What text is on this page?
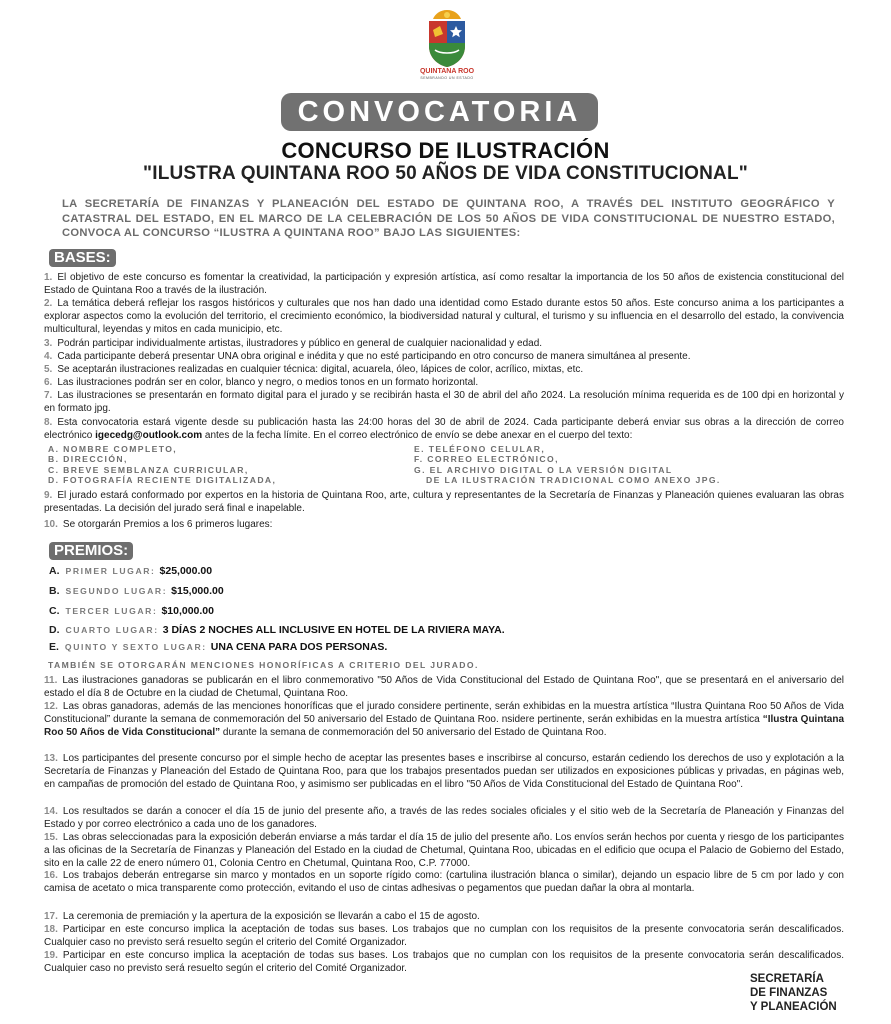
QUINTANA ROO
SEMBRANDO UN ESTADO
CONVOCATORIA
CONCURSO DE ILUSTRACIÓN
"ILUSTRA QUINTANA ROO 50 AÑOS DE VIDA CONSTITUCIONAL"
LA SECRETARÍA DE FINANZAS Y PLANEACIÓN DEL ESTADO DE QUINTANA ROO, A TRAVÉS DEL INSTITUTO GEOGRÁFICO Y CATASTRAL DEL ESTADO, EN EL MARCO DE LA CELEBRACIÓN DE LOS 50 AÑOS DE VIDA CONSTITUCIONAL DE NUESTRO ESTADO, CONVOCA AL CONCURSO “ILUSTRA A QUINTANA ROO” BAJO LAS SIGUIENTES:
BASES:
1. El objetivo de este concurso es fomentar la creatividad, la participación y expresión artística, así como resaltar la importancia de los 50 años de existencia constitucional del Estado de Quintana Roo a través de la ilustración.
2. La temática deberá reflejar los rasgos históricos y culturales que nos han dado una identidad como Estado durante estos 50 años. Este concurso anima a los participantes a explorar aspectos como la evolución del territorio, el crecimiento económico, la biodiversidad natural y cultural, el turismo y su influencia en el desarrollo del estado, la convivencia multicultural, leyendas y mitos en cada municipio, etc.
3. Podrán participar individualmente artistas, ilustradores y público en general de cualquier nacionalidad y edad.
4. Cada participante deberá presentar UNA obra original e inédita y que no esté participando en otro concurso de manera simultánea al presente.
5. Se aceptarán ilustraciones realizadas en cualquier técnica: digital, acuarela, óleo, lápices de color, acrílico, mixtas, etc.
6. Las ilustraciones podrán ser en color, blanco y negro, o medios tonos en un formato horizontal.
7. Las ilustraciones se presentarán en formato digital para el jurado y se recibirán hasta el 30 de abril del año 2024. La resolución mínima requerida es de 100 dpi en horizontal y en formato jpg.
8. Esta convocatoria estará vigente desde su publicación hasta las 24:00 horas del 30 de abril de 2024. Cada participante deberá enviar sus obras a la dirección de correo electrónico igecedg@outlook.com antes de la fecha límite. En el correo electrónico de envío se debe anexar en el cuerpo del texto:
A. NOMBRE COMPLETO,	E. TELÉFONO CELULAR,
B. DIRECCIÓN,	F. CORREO ELECTRÓNICO,
C. BREVE SEMBLANZA CURRICULAR,	G. EL ARCHIVO DIGITAL O LA VERSIÓN DIGITAL
D. FOTOGRAFÍA RECIENTE DIGITALIZADA,	DE LA ILUSTRACIÓN TRADICIONAL COMO ANEXO JPG.
9. El jurado estará conformado por expertos en la historia de Quintana Roo, arte, cultura y representantes de la Secretaría de Finanzas y Planeación quienes evaluaran las obras presentadas. La decisión del jurado será final e inapelable.
10. Se otorgarán Premios a los 6 primeros lugares:
PREMIOS:
A. PRIMER LUGAR: $25,000.00
B. SEGUNDO LUGAR: $15,000.00
C. TERCER LUGAR: $10,000.00
D. CUARTO LUGAR: 3 DÍAS 2 NOCHES ALL INCLUSIVE EN HOTEL DE LA RIVIERA MAYA.
E. QUINTO Y SEXTO LUGAR: UNA CENA PARA DOS PERSONAS.
TAMBIÉN SE OTORGARÁN MENCIONES HONORÍFICAS A CRITERIO DEL JURADO.
11. Las ilustraciones ganadoras se publicarán en el libro conmemorativo "50 Años de Vida Constitucional del Estado de Quintana Roo", que se presentará en el aniversario del estado el día 8 de Octubre en la ciudad de Chetumal, Quintana Roo.
12. Las obras ganadoras, además de las menciones honoríficas que el jurado considere pertinente, serán exhibidas en la muestra artística “Ilustra Quintana Roo 50 Años de Vida Constitucional” durante la semana de conmemoración del 50 aniversario del Estado de Quintana Roo. nsidere pertinente, serán exhibidas en la muestra artística “Ilustra Quintana Roo 50 Años de Vida Constitucional” durante la semana de conmemoración del 50 aniversario del Estado de Quintana Roo.
13. Los participantes del presente concurso por el simple hecho de aceptar las presentes bases e inscribirse al concurso, estarán cediendo los derechos de uso y explotación a la Secretaría de Finanzas y Planeación del Estado de Quintana Roo, para que los trabajos presentados puedan ser utilizados en exposiciones públicas y privadas, en páginas web, en campañas de promoción del estado de Quintana Roo, y asimismo ser publicadas en el libro "50 Años de Vida Constitucional del Estado de Quintana Roo".
14. Los resultados se darán a conocer el día 15 de junio del presente año, a través de las redes sociales oficiales y el sitio web de la Secretaría de Planeación y Finanzas del Estado y por correo electrónico a cada uno de los ganadores.
15. Las obras seleccionadas para la exposición deberán enviarse a más tardar el día 15 de julio del presente año. Los envíos serán hechos por cuenta y riesgo de los participantes a las oficinas de la Secretaría de Finanzas y Planeación del Estado en la ciudad de Chetumal, Quintana Roo, ubicadas en el edificio que ocupa el Palacio de Gobierno del Estado, sito en la calle 22 de enero número 01, Colonia Centro en Chetumal, Quintana Roo, C.P. 77000.
16. Los trabajos deberán entregarse sin marco y montados en un soporte rígido como: (cartulina ilustración blanca o similar), dejando un espacio libre de 5 cm por lado y con camisa de acetato o mica transparente como protección, evitando el uso de cintas adhesivas o pegamentos que puedan dañar la obra al montarla.
17. La ceremonia de premiación y la apertura de la exposición se llevarán a cabo el 15 de agosto.
18. Participar en este concurso implica la aceptación de todas sus bases. Los trabajos que no cumplan con los requisitos de la presente convocatoria serán descalificados. Cualquier caso no previsto será resuelto según el criterio del Comité Organizador.
19. Participar en este concurso implica la aceptación de todas sus bases. Los trabajos que no cumplan con los requisitos de la presente convocatoria serán descalificados. Cualquier caso no previsto será resuelto según el criterio del Comité Organizador.
SECRETARÍA
DE FINANZAS
Y PLANEACIÓN
